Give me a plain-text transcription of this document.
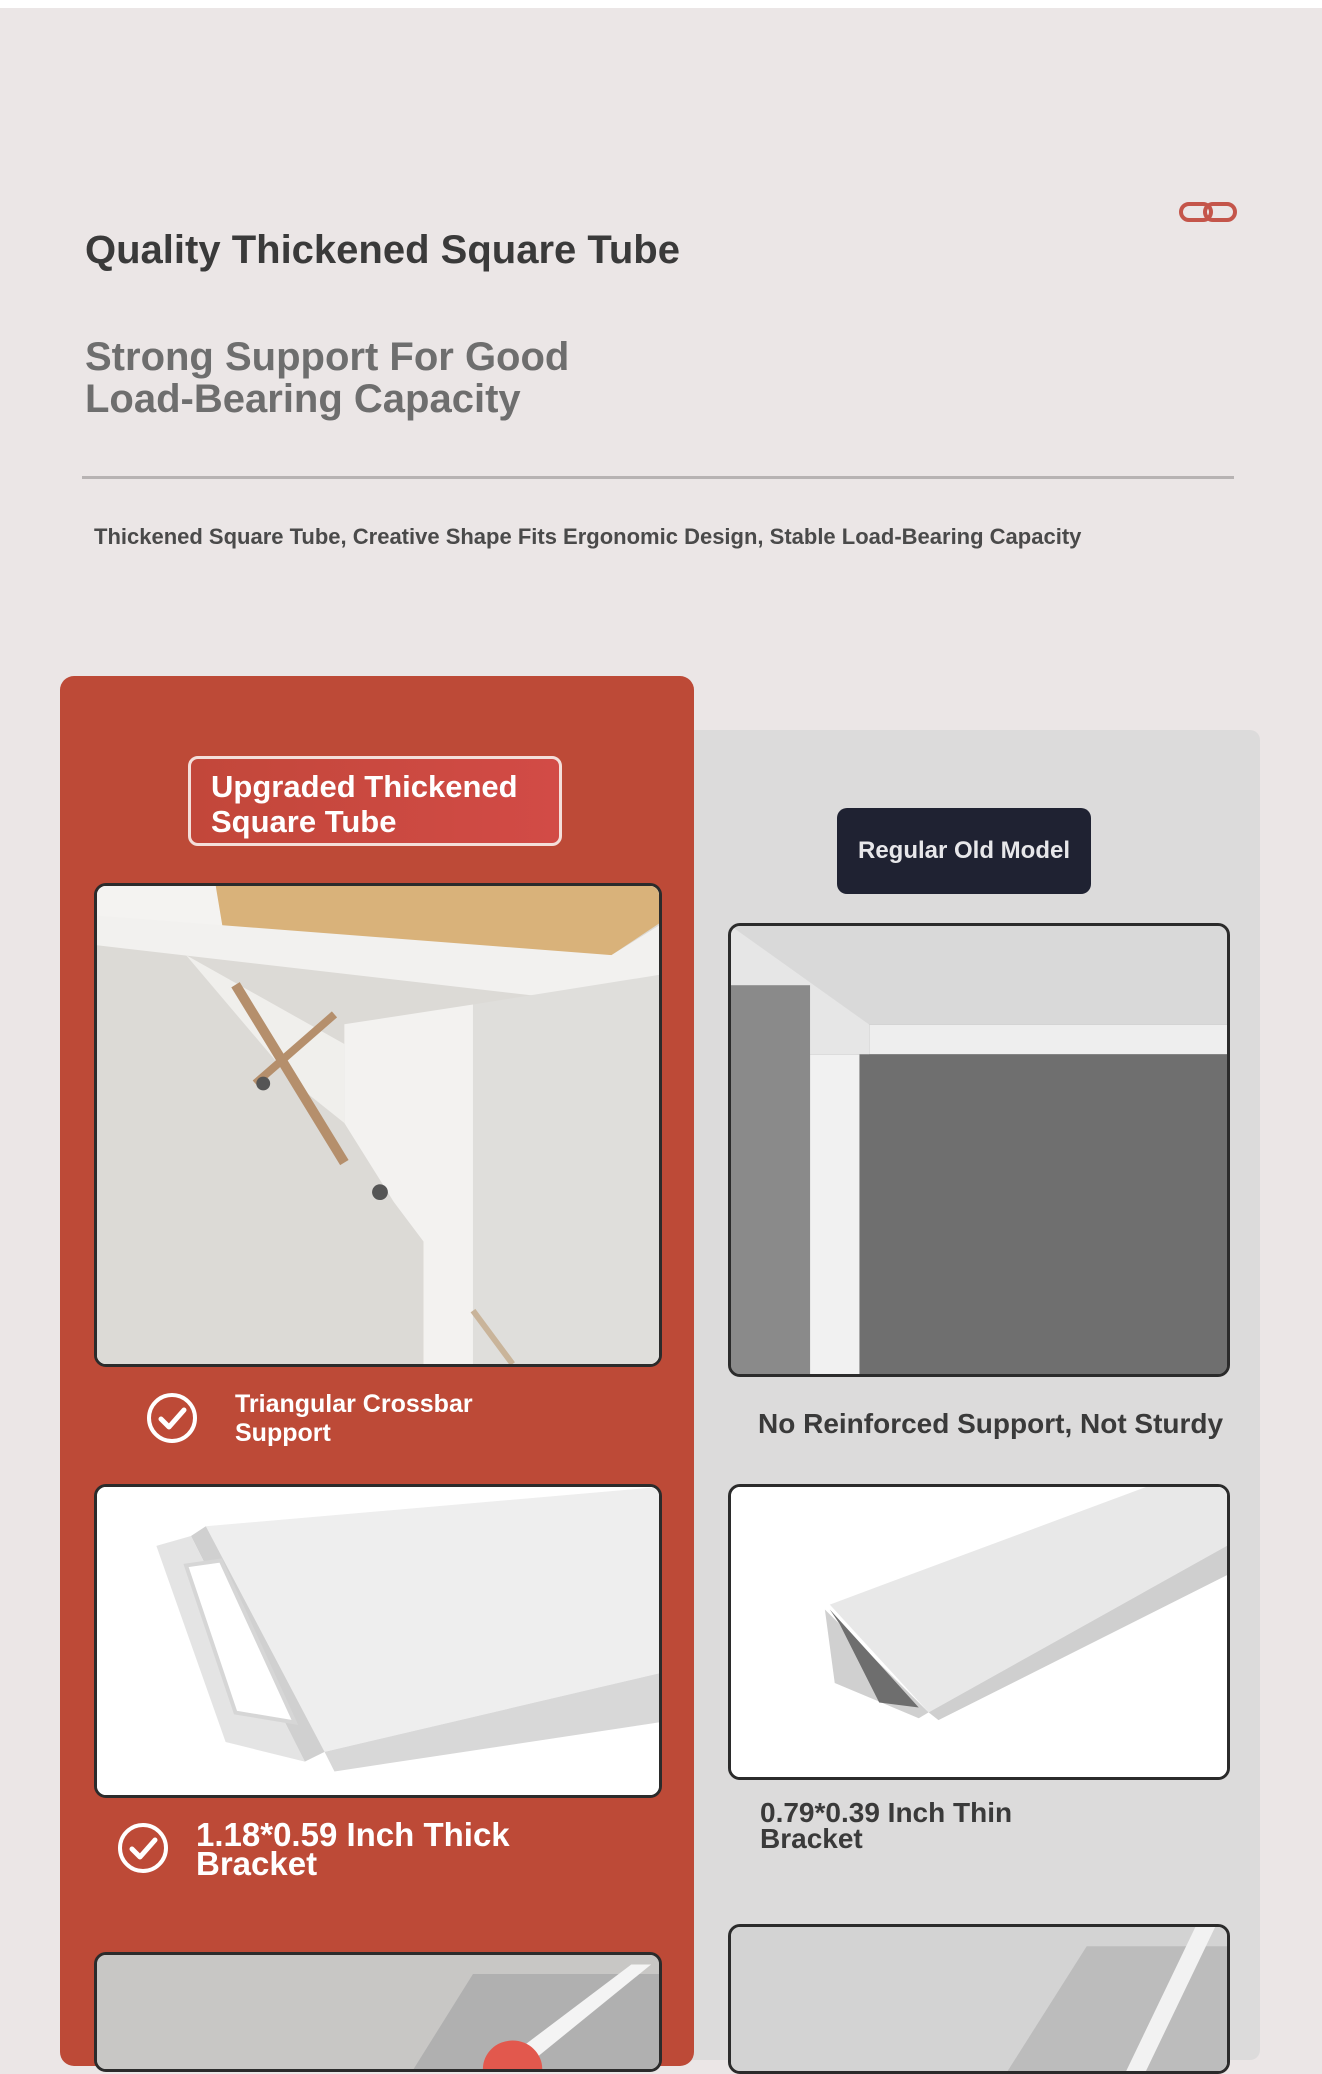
Quality Thickened Square Tube
Strong Support For Good Load-Bearing Capacity
Thickened Square Tube, Creative Shape Fits Ergonomic Design, Stable Load-Bearing Capacity
Upgraded Thickened Square Tube
Regular Old Model
Triangular Crossbar Support
1.18*0.59 Inch Thick Bracket
No Reinforced Support, Not Sturdy
0.79*0.39 Inch Thin Bracket
